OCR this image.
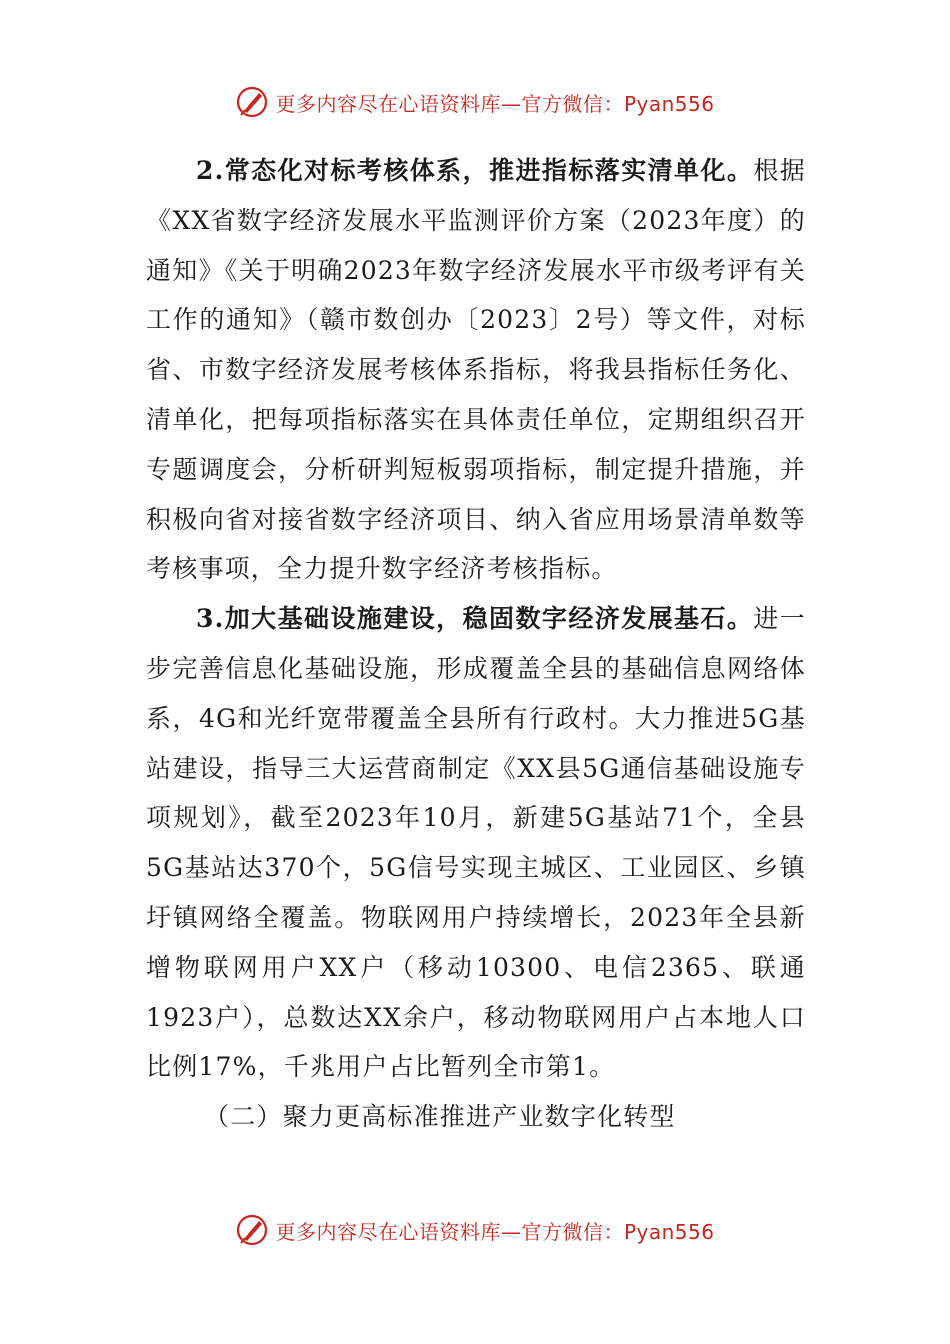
更多内容尽在心语资料库—官方微信：Pyan556

2.常态化对标考核体系，推进指标落实清单化。根据《XX省数字经济发展水平监测评价方案（2023年度）的通知》《关于明确2023年数字经济发展水平市级考评有关工作的通知》（赣市数创办〔2023〕2号）等文件，对标省、市数字经济发展考核体系指标，将我县指标任务化、清单化，把每项指标落实在具体责任单位，定期组织召开专题调度会，分析研判短板弱项指标，制定提升措施，并积极向省对接省数字经济项目、纳入省应用场景清单数等考核事项，全力提升数字经济考核指标。

3.加大基础设施建设，稳固数字经济发展基石。进一步完善信息化基础设施，形成覆盖全县的基础信息网络体系，4G和光纤宽带覆盖全县所有行政村。大力推进5G基站建设，指导三大运营商制定《XX县5G通信基础设施专项规划》，截至2023年10月，新建5G基站71个，全县5G基站达370个，5G信号实现主城区、工业园区、乡镇圩镇网络全覆盖。物联网用户持续增长，2023年全县新增物联网用户XX户（移动10300、电信2365、联通1923户），总数达XX余户，移动物联网用户占本地人口比例17%，千兆用户占比暂列全市第1。

（二）聚力更高标准推进产业数字化转型

更多内容尽在心语资料库—官方微信：Pyan556
